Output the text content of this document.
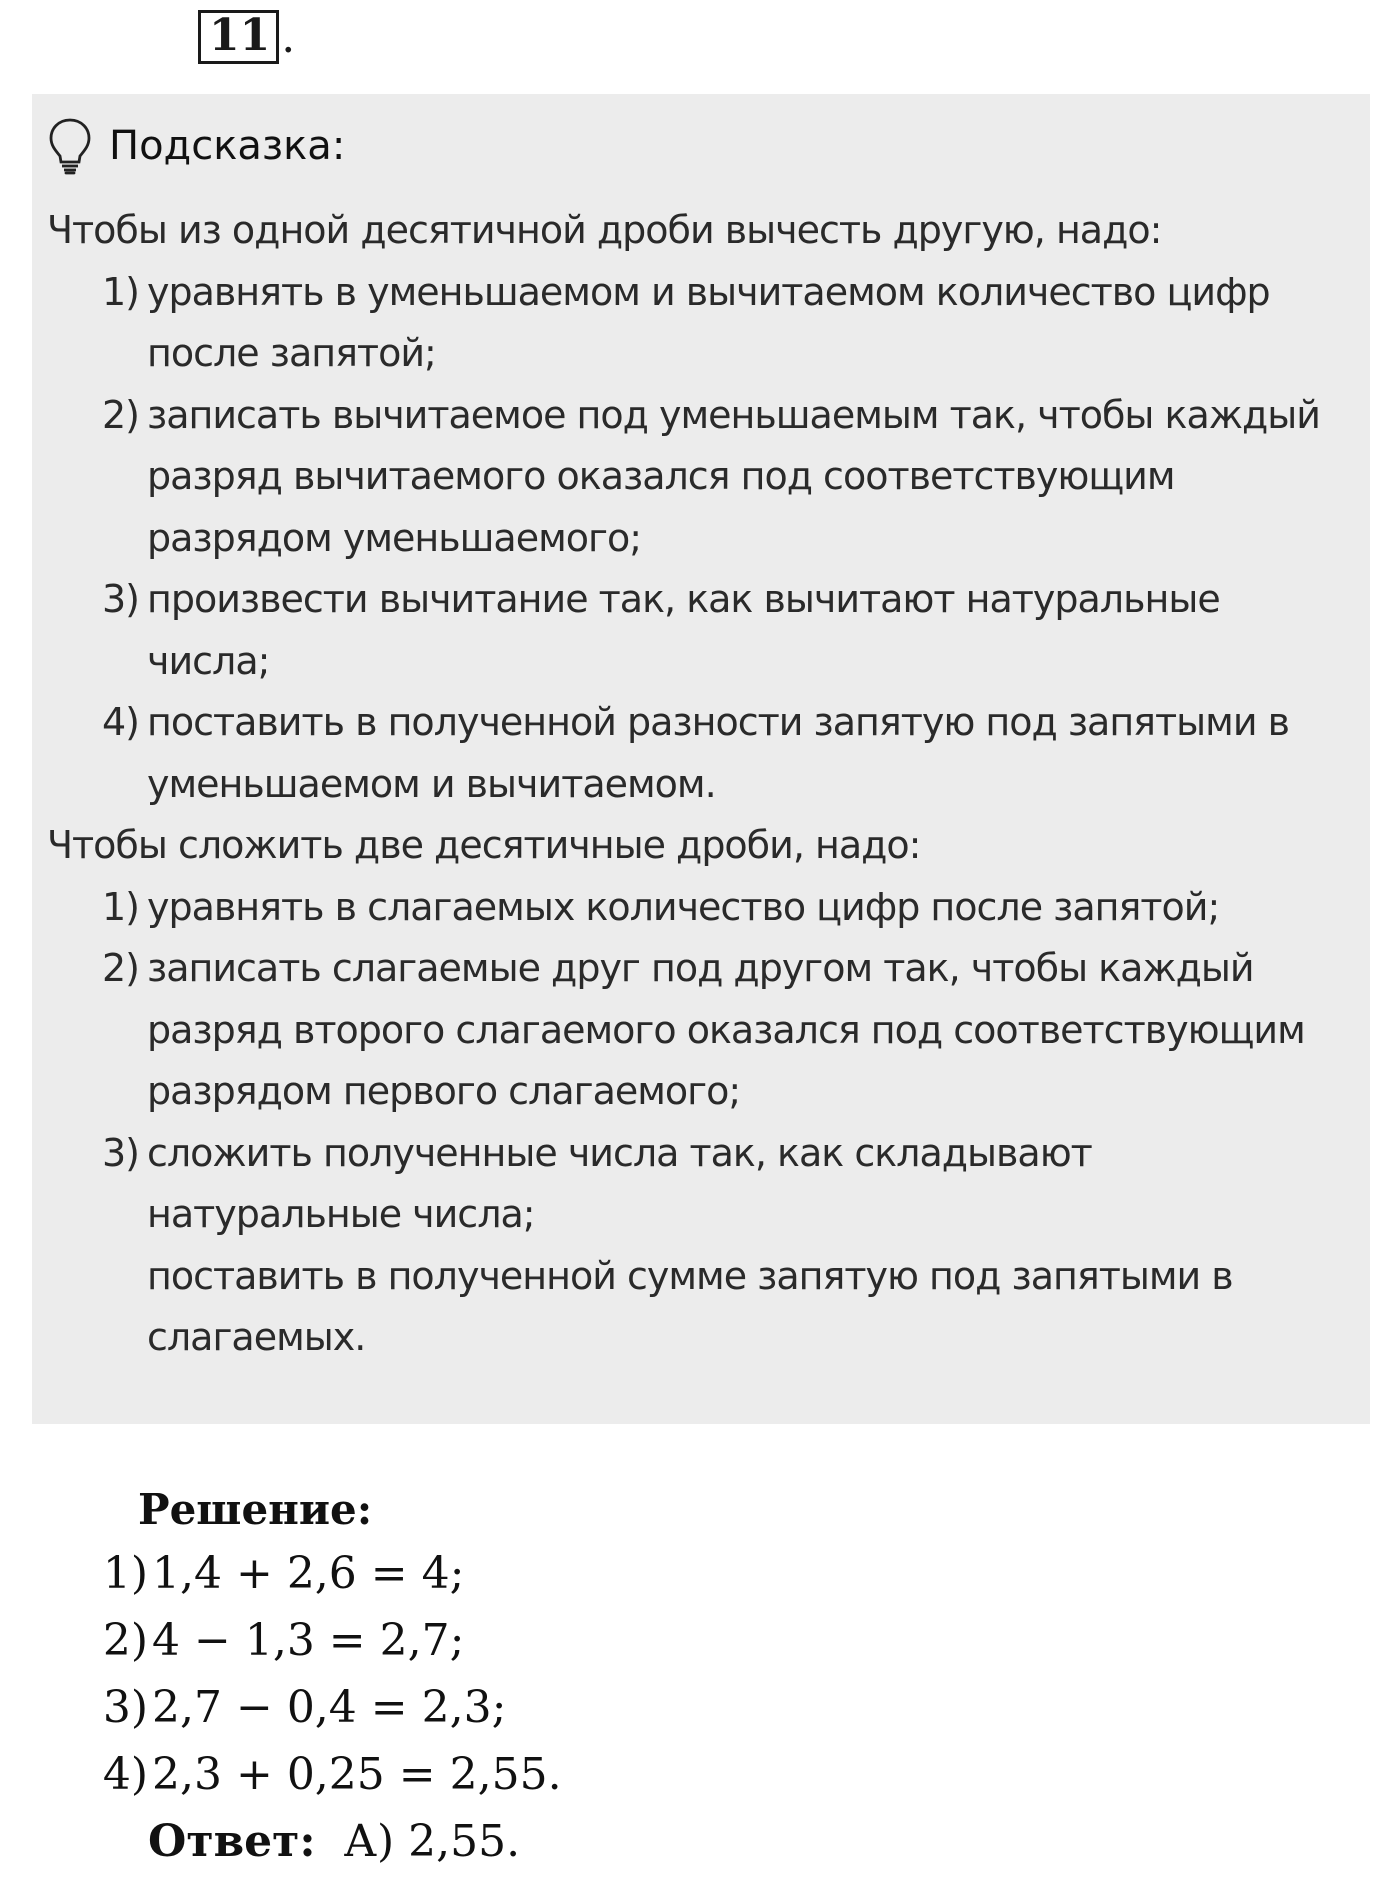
11 .
Подсказка:

Чтобы из одной десятичной дроби вычесть другую, надо:

1) уравнять в уменьшаемом и вычитаемом количество цифр после запятой;
2) записать вычитаемое под уменьшаемым так, чтобы каждый разряд вычитаемого оказался под соответствующим разрядом уменьшаемого;
3) произвести вычитание так, как вычитают натуральные числа;
4) поставить в полученной разности запятую под запятыми в уменьшаемом и вычитаемом.

Чтобы сложить две десятичные дроби, надо:

1) уравнять в слагаемых количество цифр после запятой;
2) записать слагаемые друг под другом так, чтобы каждый разряд второго слагаемого оказался под соответствующим разрядом первого слагаемого;
3) сложить полученные числа так, как складывают натуральные числа;
поставить в полученной сумме запятую под запятыми в слагаемых.
Решение:
1) 1,4 + 2,6 = 4;
2) 4 − 1,3 = 2,7;
3) 2,7 − 0,4 = 2,3;
4) 2,3 + 0,25 = 2,55.
Ответ: А) 2,55.
